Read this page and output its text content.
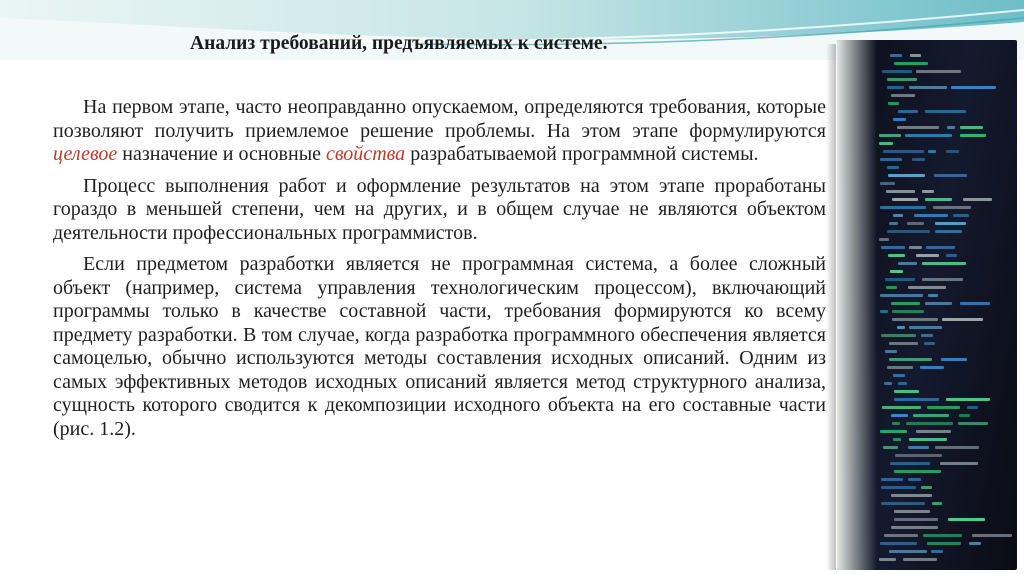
Анализ требований, предъявляемых к системе.

На первом этапе, часто неоправданно опускаемом, определяются требования, которые позволяют получить приемлемое решение проблемы. На этом этапе формулируются целевое назначение и основные свойства разрабатываемой программной системы.

Процесс выполнения работ и оформление результатов на этом этапе проработаны гораздо в меньшей степени, чем на других, и в общем случае не являются объектом деятельности профессиональных программистов.

Если предметом разработки является не программная система, а более сложный объект (например, система управления технологическим процессом), включающий программы только в качестве составной части, требования формируются ко всему предмету разработки. В том случае, когда разработка программного обеспечения является самоцелью, обычно используются методы составления исходных описаний. Одним из самых эффективных методов исходных описаний является метод структурного анализа, сущность которого сводится к декомпозиции исходного объекта на его составные части (рис. 1.2).
